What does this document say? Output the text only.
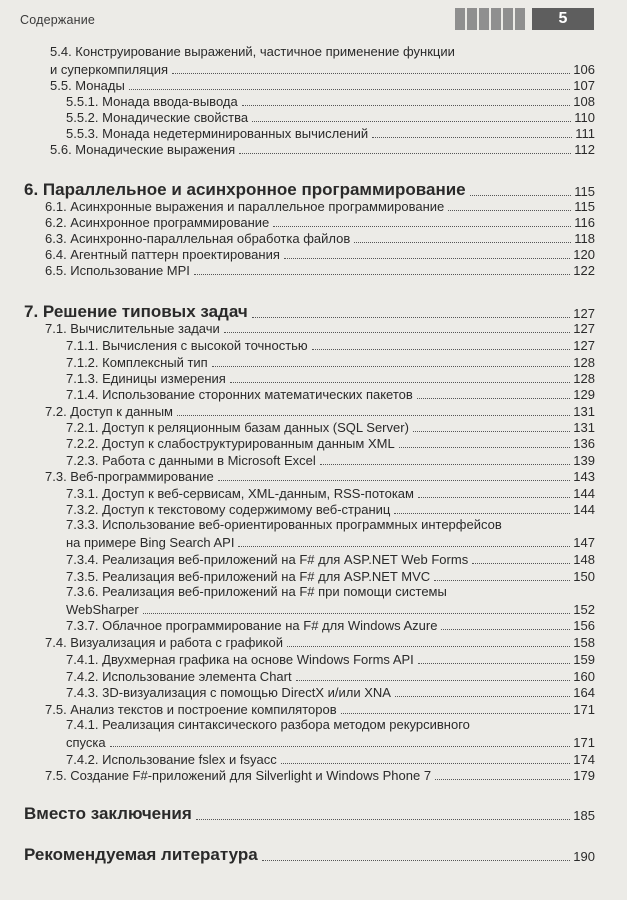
Содержание	5
5.4. Конструирование выражений, частичное применение функции
и суперкомпиляция	106
5.5. Монады	107
5.5.1. Монада ввода-вывода	108
5.5.2. Монадические свойства	110
5.5.3. Монада недетерминированных вычислений	111
5.6. Монадические выражения	112
6. Параллельное и асинхронное программирование	115
6.1. Асинхронные выражения и параллельное программирование	115
6.2. Асинхронное программирование	116
6.3. Асинхронно-параллельная обработка файлов	118
6.4. Агентный паттерн проектирования	120
6.5. Использование MPI	122
7. Решение типовых задач	127
7.1. Вычислительные задачи	127
7.1.1. Вычисления с высокой точностью	127
7.1.2. Комплексный тип	128
7.1.3. Единицы измерения	128
7.1.4. Использование сторонних математических пакетов	129
7.2. Доступ к данным	131
7.2.1. Доступ к реляционным базам данных (SQL Server)	131
7.2.2. Доступ к слабоструктурированным данным XML	136
7.2.3. Работа с данными в Microsoft Excel	139
7.3. Веб-программирование	143
7.3.1. Доступ к веб-сервисам, XML-данным, RSS-потокам	144
7.3.2. Доступ к текстовому содержимому веб-страниц	144
7.3.3. Использование веб-ориентированных программных интерфейсов
на примере Bing Search API	147
7.3.4. Реализация веб-приложений на F# для ASP.NET Web Forms	148
7.3.5. Реализация веб-приложений на F# для ASP.NET MVC	150
7.3.6. Реализация веб-приложений на F# при помощи системы
WebSharper	152
7.3.7. Облачное программирование на F# для Windows Azure	156
7.4. Визуализация и работа с графикой	158
7.4.1. Двухмерная графика на основе Windows Forms API	159
7.4.2. Использование элемента Chart	160
7.4.3. 3D-визуализация с помощью DirectX и/или XNA	164
7.5. Анализ текстов и построение компиляторов	171
7.4.1. Реализация синтаксического разбора методом рекурсивного
спуска	171
7.4.2. Использование fslex и fsyacc	174
7.5. Создание F#-приложений для Silverlight и Windows Phone 7	179
Вместо заключения	185
Рекомендуемая литература	190
